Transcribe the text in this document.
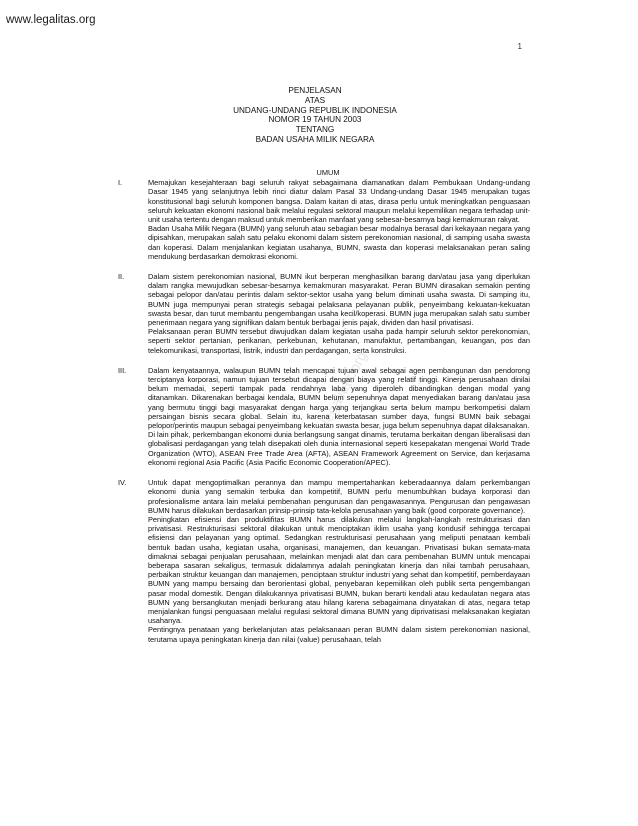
www.legalitas.org
1
legalitas.org
PENJELASAN
ATAS
UNDANG-UNDANG REPUBLIK INDONESIA
NOMOR 19 TAHUN 2003
TENTANG
BADAN USAHA MILIK NEGARA
UMUM
I.	Memajukan kesejahteraan bagi seluruh rakyat sebagaimana diamanatkan dalam Pembukaan Undang-undang Dasar 1945 yang selanjutnya lebih rinci diatur dalam Pasal 33 Undang-undang Dasar 1945 merupakan tugas konstitusional bagi seluruh komponen bangsa. Dalam kaitan di atas, dirasa perlu untuk meningkatkan penguasaan seluruh kekuatan ekonomi nasional baik melalui regulasi sektoral maupun melalui kepemilikan negara terhadap unit-unit usaha tertentu dengan maksud untuk memberikan manfaat yang sebesar-besarnya bagi kemakmuran rakyat.

Badan Usaha Milik Negara (BUMN) yang seluruh atau sebagian besar modalnya berasal dari kekayaan negara yang dipisahkan, merupakan salah satu pelaku ekonomi dalam sistem perekonomian nasional, di samping usaha swasta dan koperasi. Dalam menjalankan kegiatan usahanya, BUMN, swasta dan koperasi melaksanakan peran saling mendukung berdasarkan demokrasi ekonomi.

II.	Dalam sistem perekonomian nasional, BUMN ikut berperan menghasilkan barang dan/atau jasa yang diperlukan dalam rangka mewujudkan sebesar-besarnya kemakmuran masyarakat. Peran BUMN dirasakan semakin penting sebagai pelopor dan/atau perintis dalam sektor-sektor usaha yang belum diminati usaha swasta. Di samping itu, BUMN juga mempunyai peran strategis sebagai pelaksana pelayanan publik, penyeimbang kekuatan-kekuatan swasta besar, dan turut membantu pengembangan usaha kecil/koperasi. BUMN juga merupakan salah satu sumber penerimaan negara yang signifikan dalam bentuk berbagai jenis pajak, dividen dan hasil privatisasi.

Pelaksanaan peran BUMN tersebut diwujudkan dalam kegiatan usaha pada hampir seluruh sektor perekonomian, seperti sektor pertanian, perikanan, perkebunan, kehutanan, manufaktur, pertambangan, keuangan, pos dan telekomunikasi, transportasi, listrik, industri dan perdagangan, serta konstruksi.

III.	Dalam kenyataannya, walaupun BUMN telah mencapai tujuan awal sebagai agen pembangunan dan pendorong terciptanya korporasi, namun tujuan tersebut dicapai dengan biaya yang relatif tinggi. Kinerja perusahaan dinilai belum memadai, seperti tampak pada rendahnya laba yang diperoleh dibandingkan dengan modal yang ditanamkan. Dikarenakan berbagai kendala, BUMN belum sepenuhnya dapat menyediakan barang dan/atau jasa yang bermutu tinggi bagi masyarakat dengan harga yang terjangkau serta belum mampu berkompetisi dalam persaingan bisnis secara global. Selain itu, karena keterbatasan sumber daya, fungsi BUMN baik sebagai pelopor/perintis maupun sebagai penyeimbang kekuatan swasta besar, juga belum sepenuhnya dapat dilaksanakan.

Di lain pihak, perkembangan ekonomi dunia berlangsung sangat dinamis, terutama berkaitan dengan liberalisasi dan globalisasi perdagangan yang telah disepakati oleh dunia internasional seperti kesepakatan mengenai World Trade Organization (WTO), ASEAN Free Trade Area (AFTA), ASEAN Framework Agreement on Service, dan kerjasama ekonomi regional Asia Pacific (Asia Pacific Economic Cooperation/APEC).

IV.	Untuk dapat mengoptimalkan perannya dan mampu mempertahankan keberadaannya dalam perkembangan ekonomi dunia yang semakin terbuka dan kompetitif, BUMN perlu menumbuhkan budaya korporasi dan profesionalisme antara lain melalui pembenahan pengurusan dan pengawasannya. Pengurusan dan pengawasan BUMN harus dilakukan berdasarkan prinsip-prinsip tata-kelola perusahaan yang baik (good corporate governance).

Peningkatan efisiensi dan produktifitas BUMN harus dilakukan melalui langkah-langkah restrukturisasi dan privatisasi. Restrukturisasi sektoral dilakukan untuk menciptakan iklim usaha yang kondusif sehingga tercapai efisiensi dan pelayanan yang optimal. Sedangkan restrukturisasi perusahaan yang meliputi penataan kembali bentuk badan usaha, kegiatan usaha, organisasi, manajemen, dan keuangan. Privatisasi bukan semata-mata dimaknai sebagai penjualan perusahaan, melainkan menjadi alat dan cara pembenahan BUMN untuk mencapai beberapa sasaran sekaligus, termasuk didalamnya adalah peningkatan kinerja dan nilai tambah perusahaan, perbaikan struktur keuangan dan manajemen, penciptaan struktur industri yang sehat dan kompetitif, pemberdayaan BUMN yang mampu bersaing dan berorientasi global, penyebaran kepemilikan oleh publik serta pengembangan pasar modal domestik. Dengan dilakukannya privatisasi BUMN, bukan berarti kendali atau kedaulatan negara atas BUMN yang bersangkutan menjadi berkurang atau hilang karena sebagaimana dinyatakan di atas, negara tetap menjalankan fungsi penguasaan melalui regulasi sektoral dimana BUMN yang diprivatisasi melaksanakan kegiatan usahanya.

Pentingnya penataan yang berkelanjutan atas pelaksanaan peran BUMN dalam sistem perekonomian nasional, terutama upaya peningkatan kinerja dan nilai (value) perusahaan, telah
